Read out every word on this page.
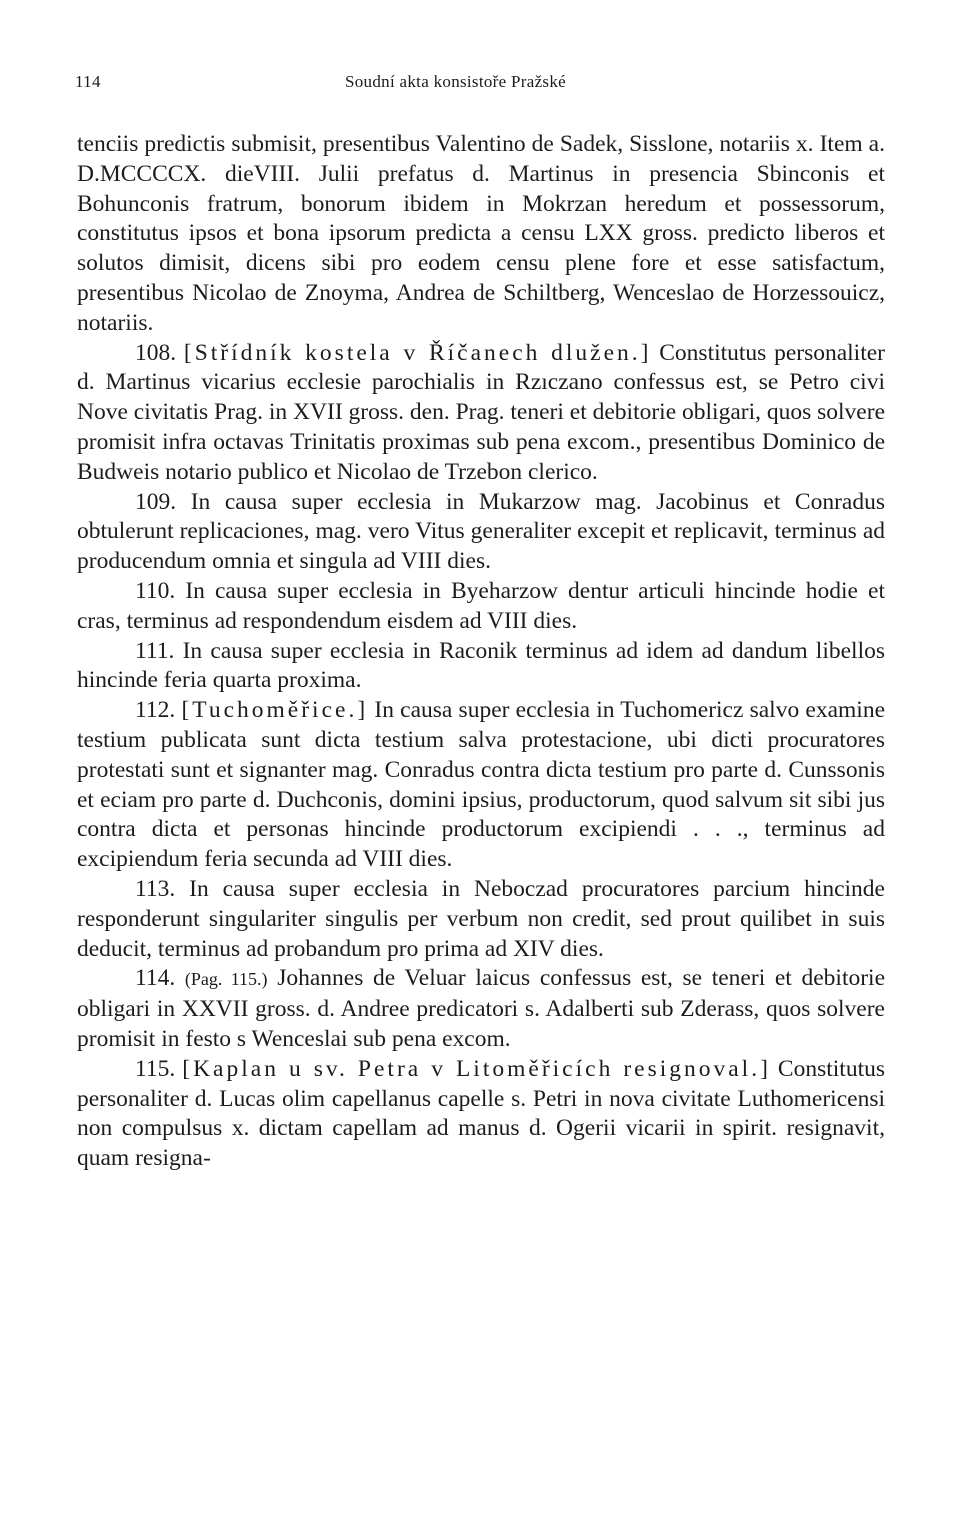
114	Soudní akta konsistoře Pražské

tenciis predictis submisit, presentibus Valentino de Sadek, Sisslone, notariis x. Item a. D.MCCCCX. dieVIII. Julii prefatus d. Martinus in presencia Sbinconis et Bohunconis fratrum, bonorum ibidem in Mokrzan heredum et possessorum, constitutus ipsos et bona ipsorum predicta a censu LXX gross. predicto liberos et solutos dimisit, dicens sibi pro eodem censu plene fore et esse satisfactum, presentibus Nicolao de Znoyma, Andrea de Schiltberg, Wenceslao de Horzessouicz, notariis.

108. [Střídník kostela v Říčanech dlužen.] Constitutus personaliter d. Martinus vicarius ecclesie parochialis in Rzıczano confessus est, se Petro civi Nove civitatis Prag. in XVII gross. den. Prag. teneri et debitorie obligari, quos solvere promisit infra octavas Trinitatis proximas sub pena excom., presentibus Dominico de Budweis notario publico et Nicolao de Trzebon clerico.

109. In causa super ecclesia in Mukarzow mag. Jacobinus et Conradus obtulerunt replicaciones, mag. vero Vitus generaliter excepit et replicavit, terminus ad producendum omnia et singula ad VIII dies.

110. In causa super ecclesia in Byeharzow dentur articuli hincinde hodie et cras, terminus ad respondendum eisdem ad VIII dies.

111. In causa super ecclesia in Raconik terminus ad idem ad dandum libellos hincinde feria quarta proxima.

112. [Tuchoměřice.] In causa super ecclesia in Tuchomericz salvo examine testium publicata sunt dicta testium salva protestacione, ubi dicti procuratores protestati sunt et signanter mag. Conradus contra dicta testium pro parte d. Cunssonis et eciam pro parte d. Duchconis, domini ipsius, productorum, quod salvum sit sibi jus contra dicta et personas hincinde productorum excipiendi . . ., terminus ad excipiendum feria secunda ad VIII dies.

113. In causa super ecclesia in Neboczad procuratores parcium hincinde responderunt singulariter singulis per verbum non credit, sed prout quilibet in suis deducit, terminus ad probandum pro prima ad XIV dies.

114. (Pag. 115.) Johannes de Veluar laicus confessus est, se teneri et debitorie obligari in XXVII gross. d. Andree predicatori s. Adalberti sub Zderass, quos solvere promisit in festo s Wenceslai sub pena excom.

115. [Kaplan u sv. Petra v Litoměřicích resignoval.] Constitutus personaliter d. Lucas olim capellanus capelle s. Petri in nova civitate Luthomericensi non compulsus x. dictam capellam ad manus d. Ogerii vicarii in spirit. resignavit, quam resigna-
